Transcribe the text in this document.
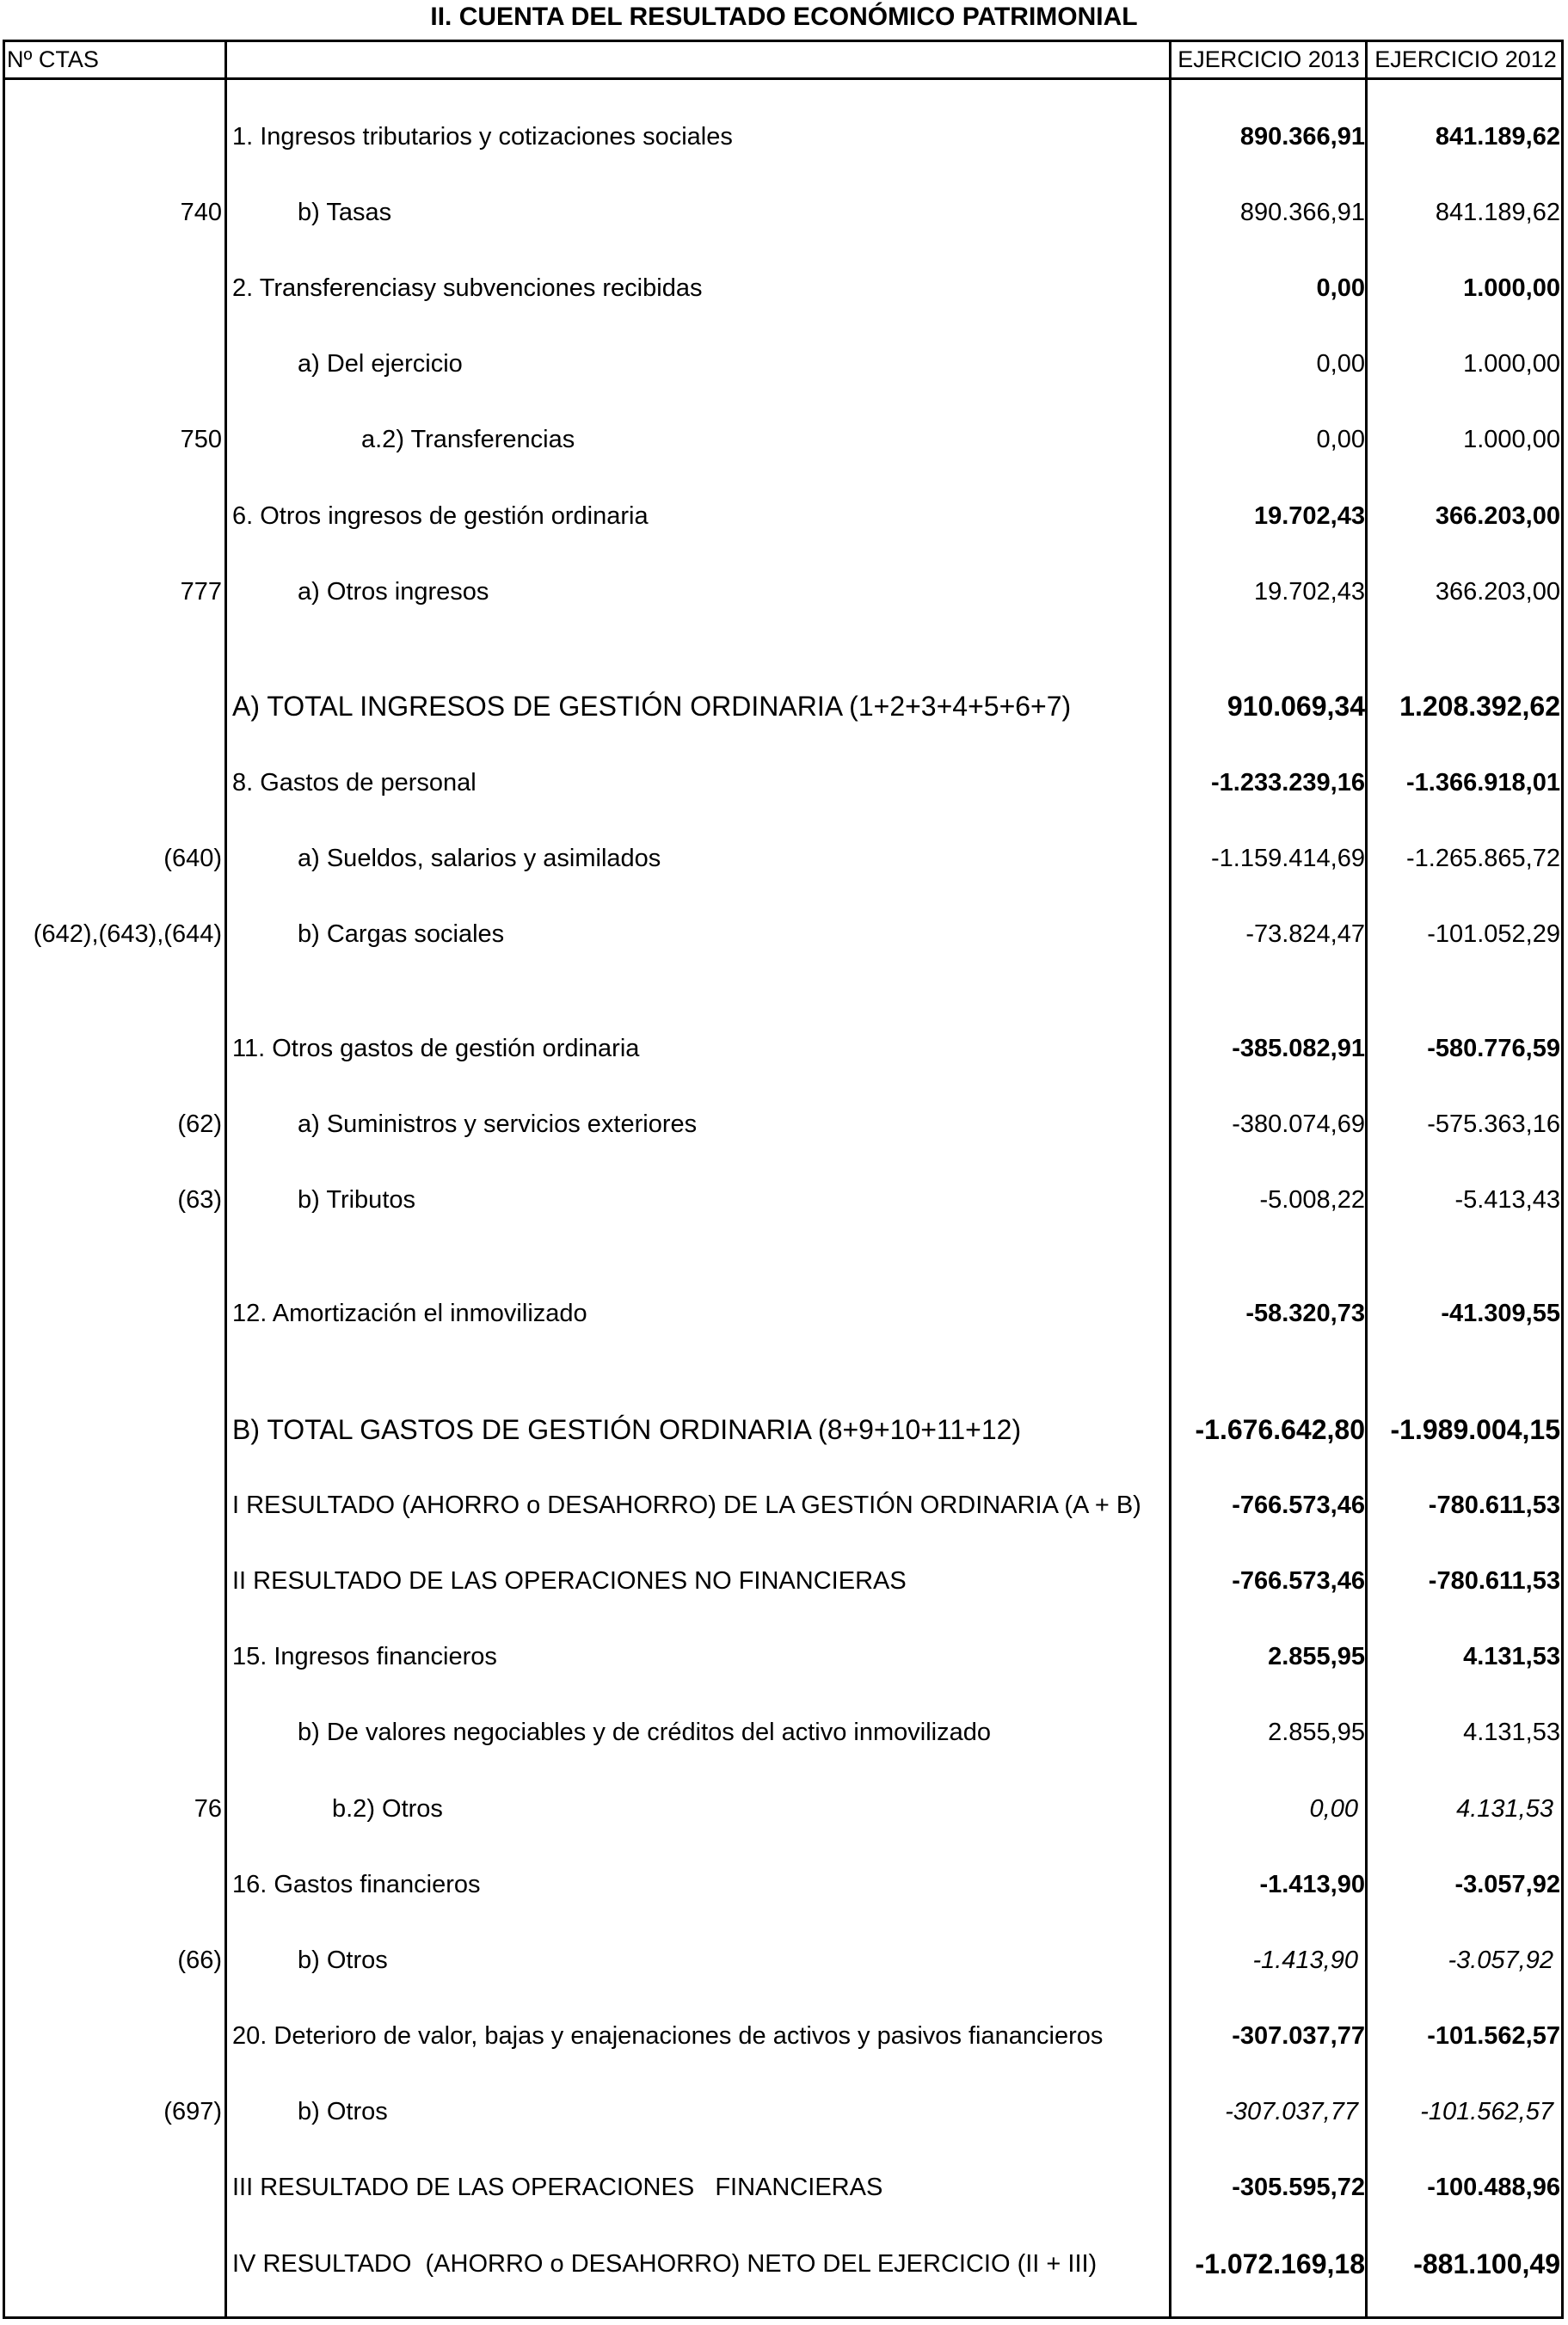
II. CUENTA DEL RESULTADO ECONÓMICO PATRIMONIAL
Nº CTAS	EJERCICIO 2013 EJERCICIO 2012
1. Ingresos tributarios y cotizaciones sociales	890.366,91	841.189,62
740	b) Tasas	890.366,91	841.189,62
2. Transferenciasy subvenciones recibidas	0,00	1.000,00
a) Del ejercicio	0,00	1.000,00
750	a.2) Transferencias	0,00	1.000,00
6. Otros ingresos de gestión ordinaria	19.702,43	366.203,00
777	a) Otros ingresos	19.702,43	366.203,00
A) TOTAL INGRESOS DE GESTIÓN ORDINARIA (1+2+3+4+5+6+7)	910.069,34	1.208.392,62
8. Gastos de personal	-1.233.239,16	-1.366.918,01
(640)	a) Sueldos, salarios y asimilados	-1.159.414,69	-1.265.865,72
(642),(643),(644)	b) Cargas sociales	-73.824,47	-101.052,29
11. Otros gastos de gestión ordinaria	-385.082,91	-580.776,59
(62)	a) Suministros y servicios exteriores	-380.074,69	-575.363,16
(63)	b) Tributos	-5.008,22	-5.413,43
12. Amortización el inmovilizado	-58.320,73	-41.309,55
B) TOTAL GASTOS DE GESTIÓN ORDINARIA (8+9+10+11+12)	-1.676.642,80 -1.989.004,15
I RESULTADO (AHORRO o DESAHORRO) DE LA GESTIÓN ORDINARIA (A + B)	-766.573,46	-780.611,53
II RESULTADO DE LAS OPERACIONES NO FINANCIERAS	-766.573,46	-780.611,53
15. Ingresos financieros	2.855,95	4.131,53
b) De valores negociables y de créditos del activo inmovilizado	2.855,95	4.131,53
76	b.2) Otros	0,00	4.131,53
16. Gastos financieros	-1.413,90	-3.057,92
(66)	b) Otros	-1.413,90	-3.057,92
20. Deterioro de valor, bajas y enajenaciones de activos y pasivos fianancieros	-307.037,77	-101.562,57
(697)	b) Otros	-307.037,77	-101.562,57
III RESULTADO DE LAS OPERACIONES   FINANCIERAS	-305.595,72	-100.488,96
IV RESULTADO  (AHORRO o DESAHORRO) NETO DEL EJERCICIO (II + III)	-1.072.169,18	-881.100,49
